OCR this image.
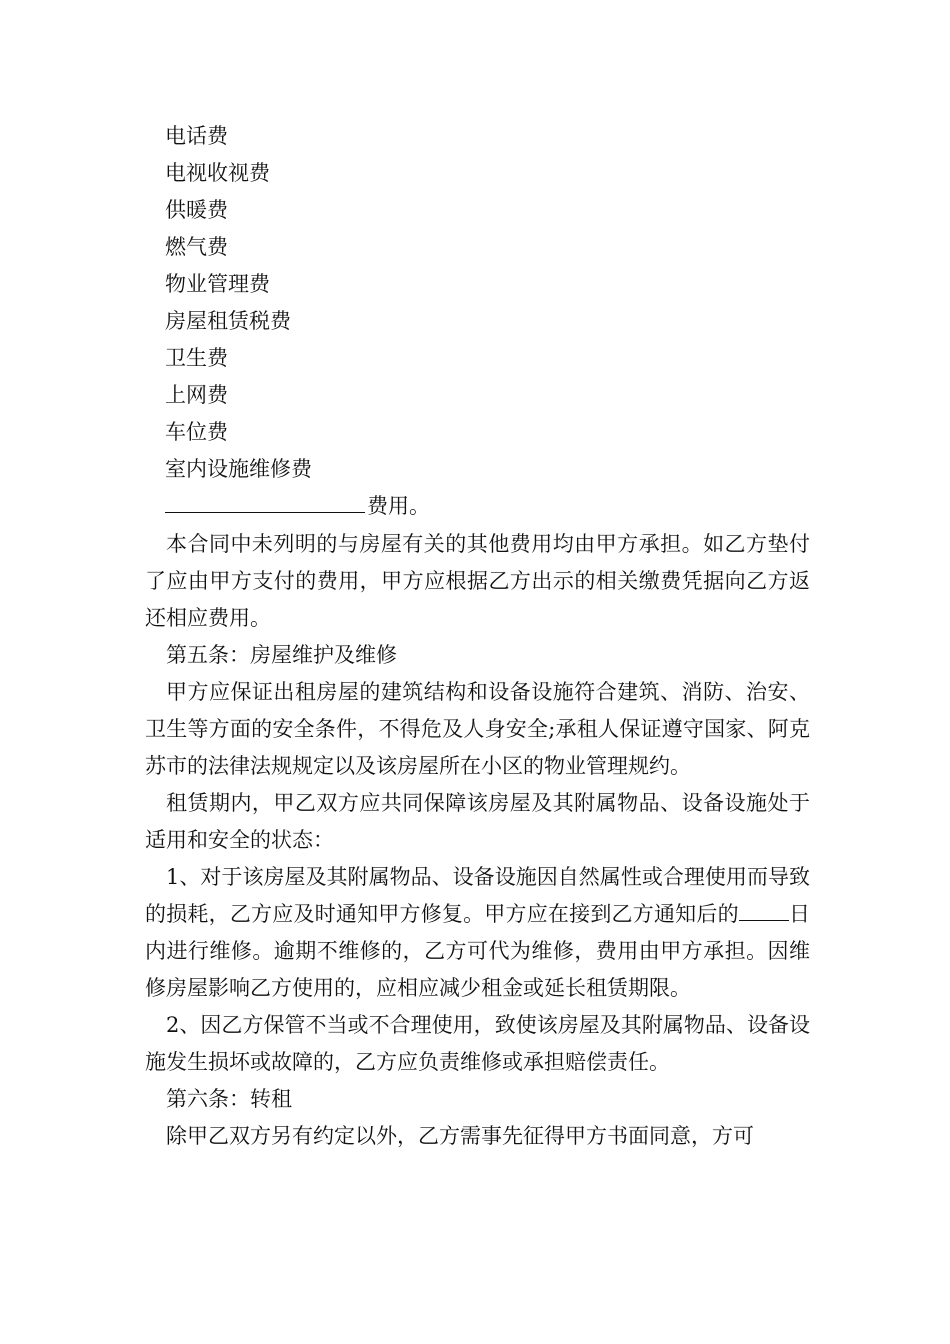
电话费
电视收视费
供暖费
燃气费
物业管理费
房屋租赁税费
卫生费
上网费
车位费
室内设施维修费
费用。

本合同中未列明的与房屋有关的其他费用均由甲方承担。如乙方垫付了应由甲方支付的费用，甲方应根据乙方出示的相关缴费凭据向乙方返还相应费用。

第五条：房屋维护及维修

甲方应保证出租房屋的建筑结构和设备设施符合建筑、消防、治安、卫生等方面的安全条件，不得危及人身安全;承租人保证遵守国家、阿克苏市的法律法规规定以及该房屋所在小区的物业管理规约。

租赁期内，甲乙双方应共同保障该房屋及其附属物品、设备设施处于适用和安全的状态：

1、对于该房屋及其附属物品、设备设施因自然属性或合理使用而导致的损耗，乙方应及时通知甲方修复。甲方应在接到乙方通知后的 日内进行维修。逾期不维修的，乙方可代为维修，费用由甲方承担。因维修房屋影响乙方使用的，应相应减少租金或延长租赁期限。

2、因乙方保管不当或不合理使用，致使该房屋及其附属物品、设备设施发生损坏或故障的，乙方应负责维修或承担赔偿责任。

第六条：转租

除甲乙双方另有约定以外，乙方需事先征得甲方书面同意，方可
